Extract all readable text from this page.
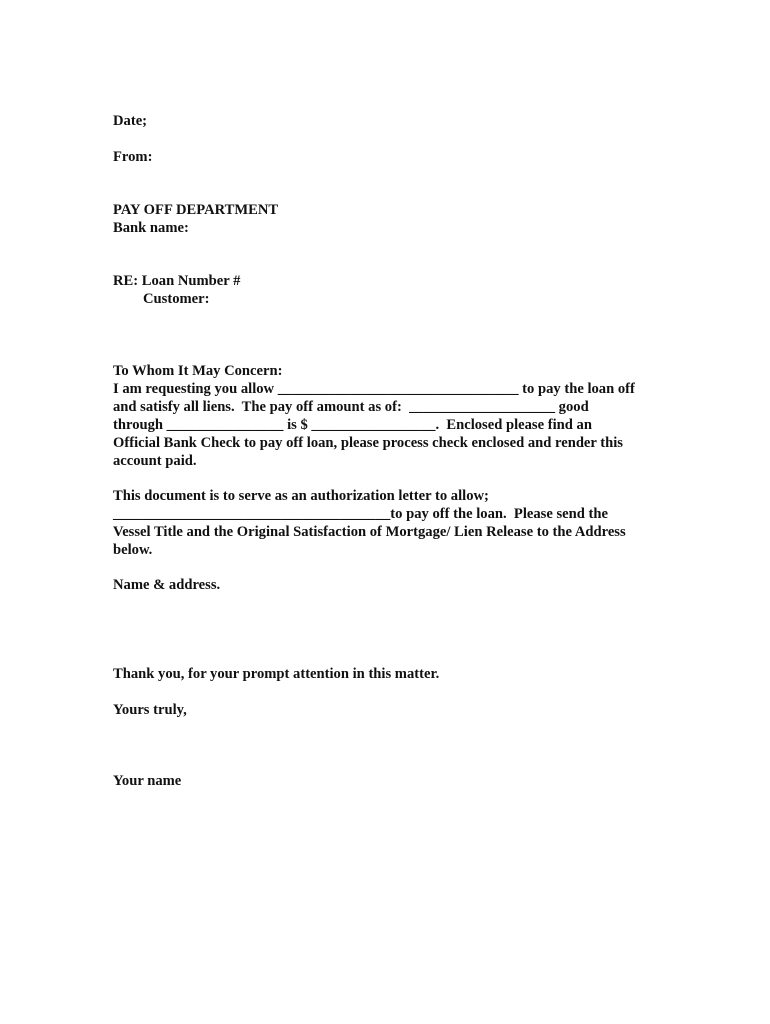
Date;

From:

PAY OFF DEPARTMENT

Bank name:

RE: Loan Number #

Customer:

To Whom It May Concern:

I am requesting you allow _________________________________ to pay the loan off

and satisfy all liens.  The pay off amount as of:  ____________________ good

through ________________ is $ _________________.  Enclosed please find an

Official Bank Check to pay off loan, please process check enclosed and render this

account paid.

This document is to serve as an authorization letter to allow;

______________________________________to pay off the loan.  Please send the

Vessel Title and the Original Satisfaction of Mortgage/ Lien Release to the Address

below.

Name & address.

Thank you, for your prompt attention in this matter.

Yours truly,

Your name
